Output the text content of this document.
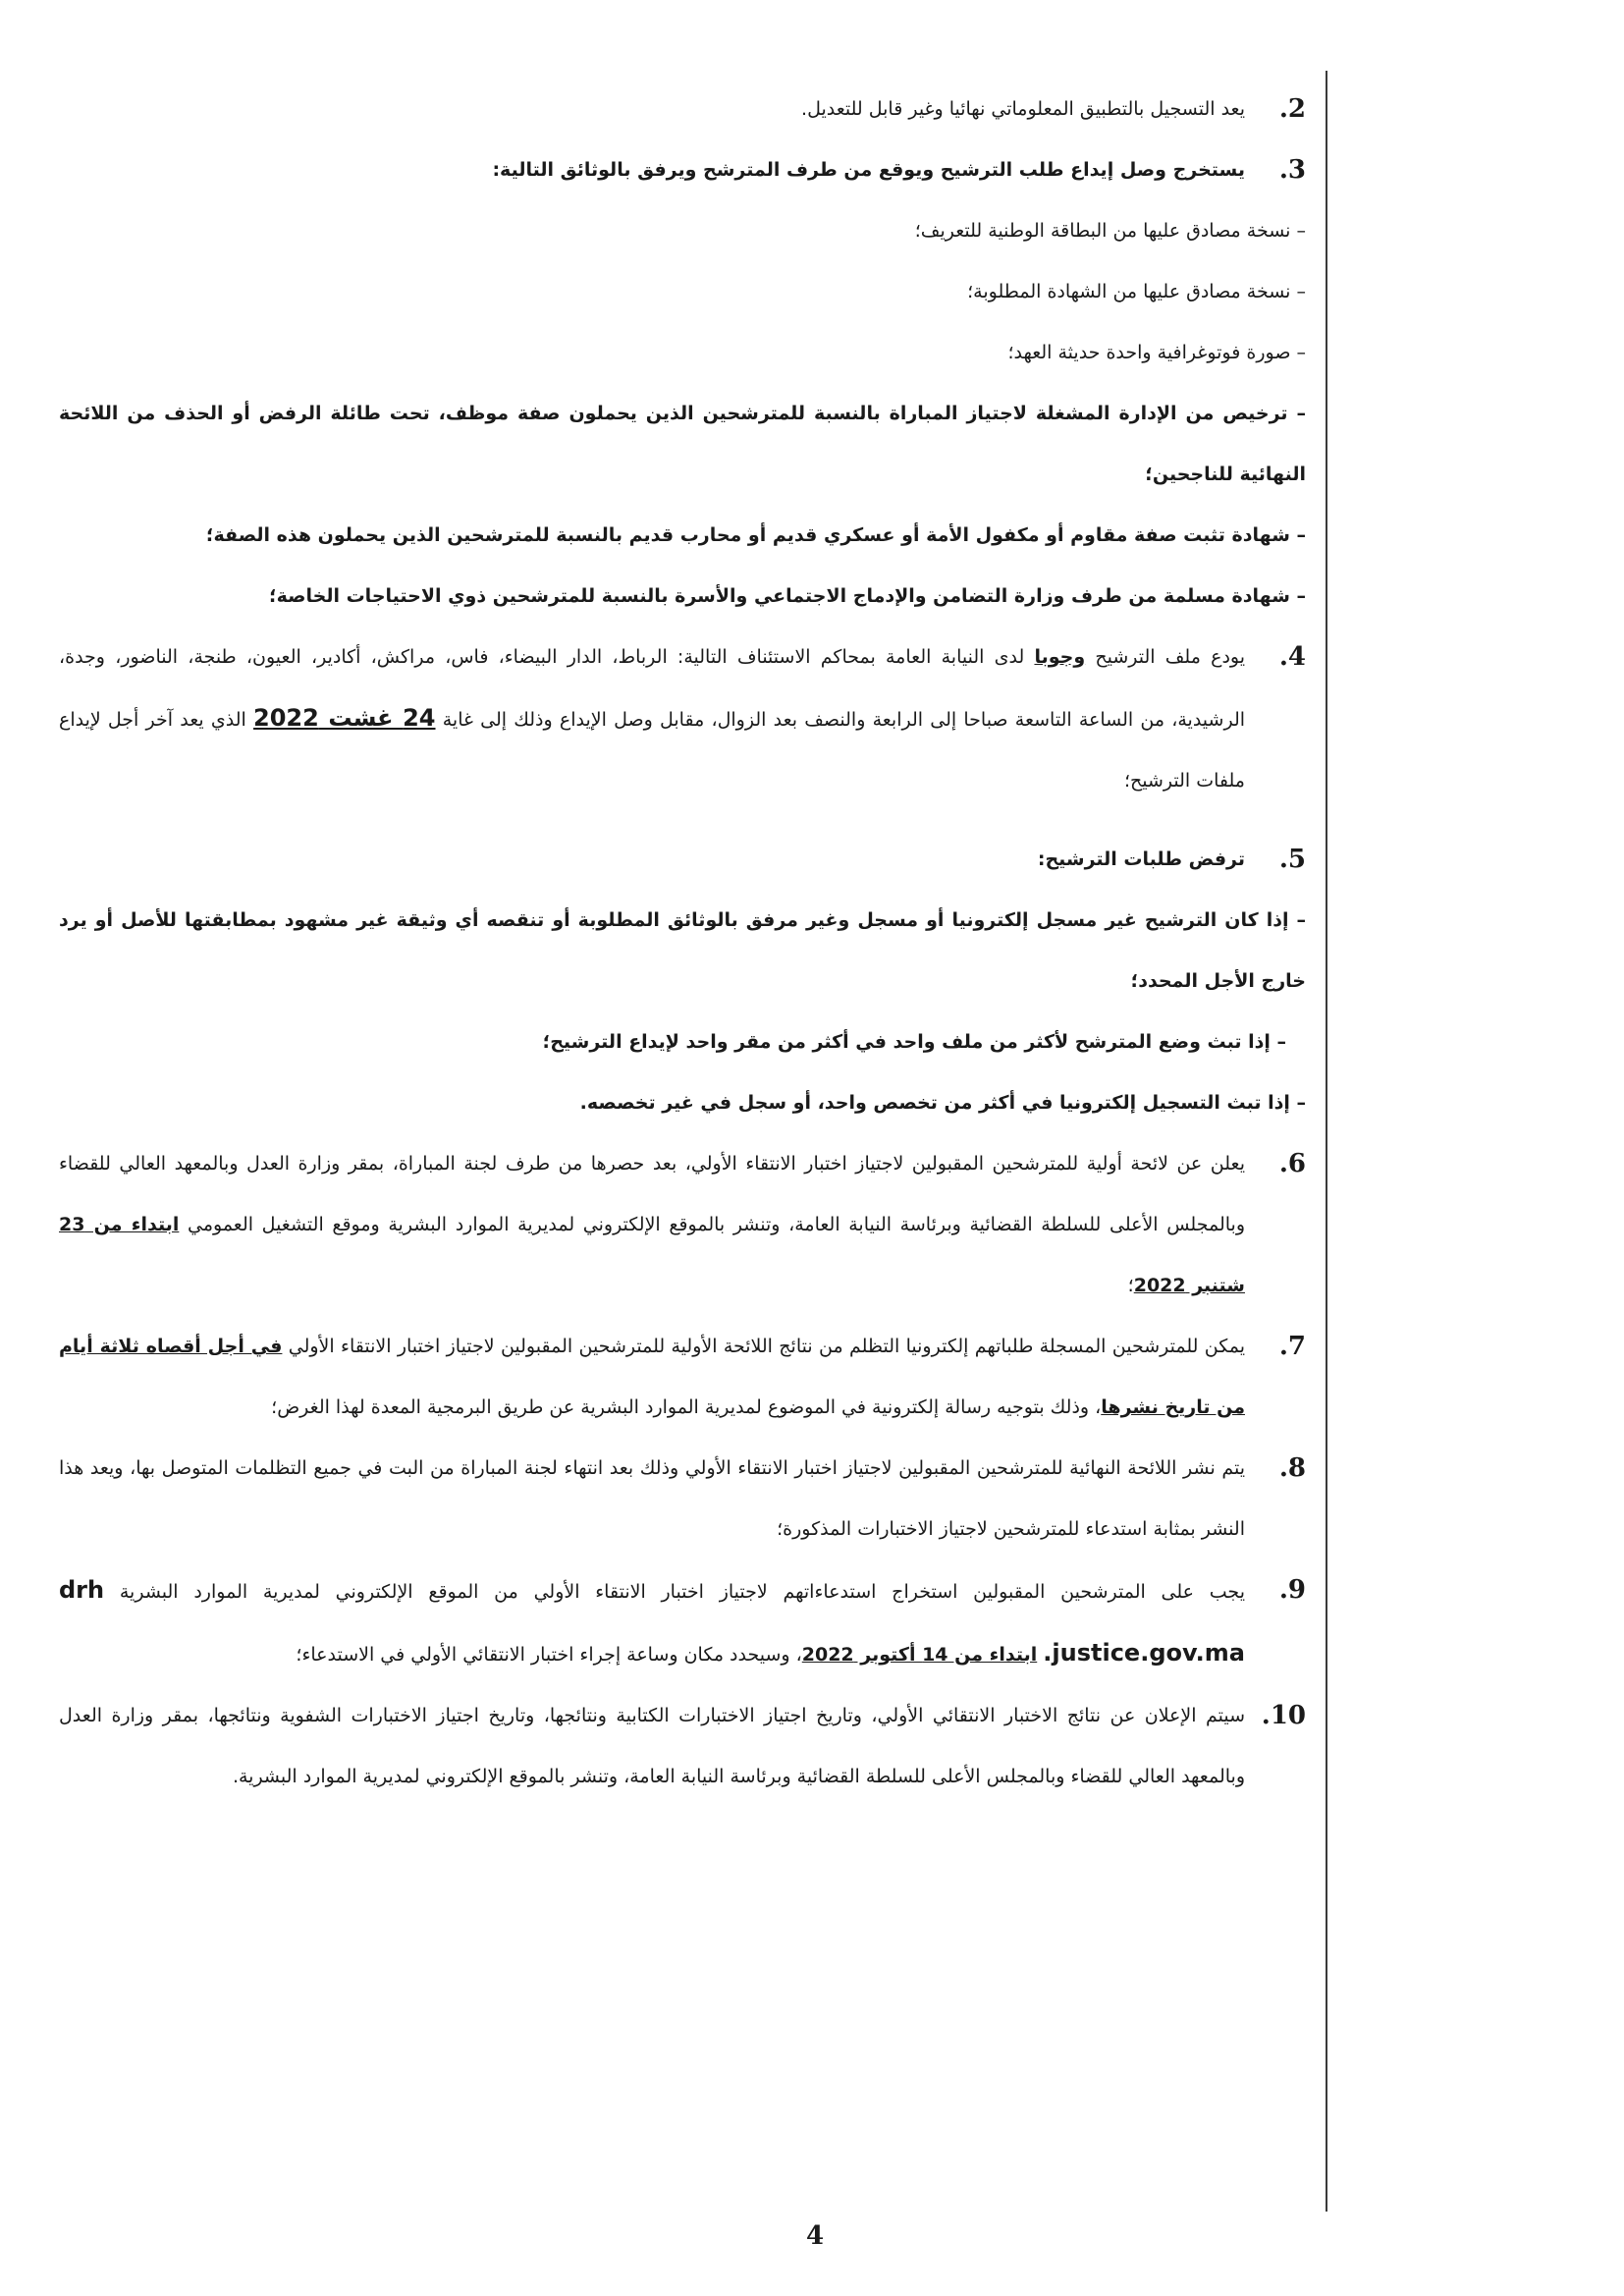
.2
يعد التسجيل بالتطبيق المعلوماتي نهائيا وغير قابل للتعديل.
.3
يستخرج وصل إيداع طلب الترشيح ويوقع من طرف المترشح ويرفق بالوثائق التالية:
– نسخة مصادق عليها من البطاقة الوطنية للتعريف؛
– نسخة مصادق عليها من الشهادة المطلوبة؛
– صورة فوتوغرافية واحدة حديثة العهد؛
– ترخيص من الإدارة المشغلة لاجتياز المباراة بالنسبة للمترشحين الذين يحملون صفة موظف، تحت طائلة الرفض أو الحذف من اللائحة النهائية للناجحين؛
– شهادة تثبت صفة مقاوم أو مكفول الأمة أو عسكري قديم أو محارب قديم بالنسبة للمترشحين الذين يحملون هذه الصفة؛
– شهادة مسلمة من طرف وزارة التضامن والإدماج الاجتماعي والأسرة بالنسبة للمترشحين ذوي الاحتياجات الخاصة؛
.4
يودع ملف الترشيح وجوبا لدى النيابة العامة بمحاكم الاستئناف التالية: الرباط، الدار البيضاء، فاس، مراكش، أكادير، العيون، طنجة، الناضور، وجدة، الرشيدية، من الساعة التاسعة صباحا إلى الرابعة والنصف بعد الزوال، مقابل وصل الإيداع وذلك إلى غاية 24 غشت 2022 الذي يعد آخر أجل لإيداع ملفات الترشيح؛
.5
ترفض طلبات الترشيح:
– إذا كان الترشيح غير مسجل إلكترونيا أو مسجل وغير مرفق بالوثائق المطلوبة أو تنقصه أي وثيقة غير مشهود بمطابقتها للأصل أو يرد خارج الأجل المحدد؛
– إذا تبث وضع المترشح لأكثر من ملف واحد في أكثر من مقر واحد لإيداع الترشيح؛
– إذا تبث التسجيل إلكترونيا في أكثر من تخصص واحد، أو سجل في غير تخصصه.
.6
يعلن عن لائحة أولية للمترشحين المقبولين لاجتياز اختبار الانتقاء الأولي، بعد حصرها من طرف لجنة المباراة، بمقر وزارة العدل وبالمعهد العالي للقضاء وبالمجلس الأعلى للسلطة القضائية وبرئاسة النيابة العامة، وتنشر بالموقع الإلكتروني لمديرية الموارد البشرية وموقع التشغيل العمومي ابتداء من 23 شتنبر 2022؛
.7
يمكن للمترشحين المسجلة طلباتهم إلكترونيا التظلم من نتائج اللائحة الأولية للمترشحين المقبولين لاجتياز اختبار الانتقاء الأولي في أجل أقصاه ثلاثة أيام من تاريخ نشرها، وذلك بتوجيه رسالة إلكترونية في الموضوع لمديرية الموارد البشرية عن طريق البرمجية المعدة لهذا الغرض؛
.8
يتم نشر اللائحة النهائية للمترشحين المقبولين لاجتياز اختبار الانتقاء الأولي وذلك بعد انتهاء لجنة المباراة من البت في جميع التظلمات المتوصل بها، ويعد هذا النشر بمثابة استدعاء للمترشحين لاجتياز الاختبارات المذكورة؛
.9
يجب على المترشحين المقبولين استخراج استدعاءاتهم لاجتياز اختبار الانتقاء الأولي من الموقع الإلكتروني لمديرية الموارد البشرية drh .justice.gov.ma ابتداء من 14 أكتوبر 2022، وسيحدد مكان وساعة إجراء اختبار الانتقائي الأولي في الاستدعاء؛
.10
سيتم الإعلان عن نتائج الاختبار الانتقائي الأولي، وتاريخ اجتياز الاختبارات الكتابية ونتائجها، وتاريخ اجتياز الاختبارات الشفوية ونتائجها، بمقر وزارة العدل وبالمعهد العالي للقضاء وبالمجلس الأعلى للسلطة القضائية وبرئاسة النيابة العامة، وتنشر بالموقع الإلكتروني لمديرية الموارد البشرية.
4
